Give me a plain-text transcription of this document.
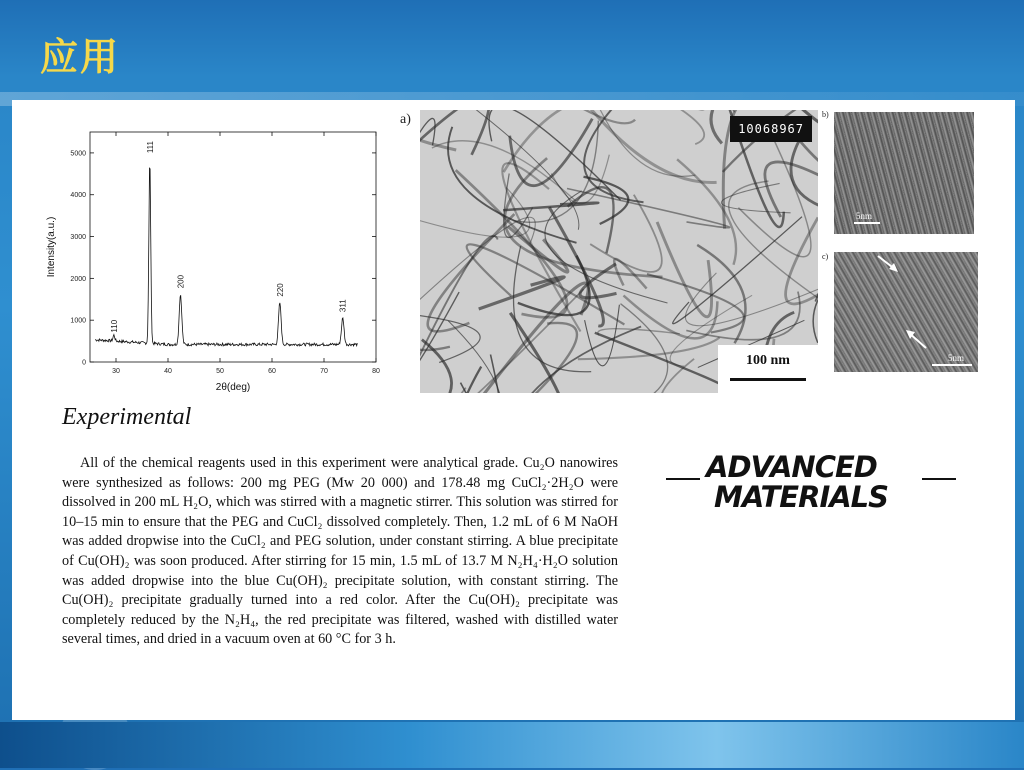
应用
30	40	50	60	70	80
0
1000
2000
3000
4000
5000
110
111
200
220
311
2θ(deg)
Intensity(a.u.)
a)
10068967
100 nm
b)
5nm
c)
5nm
Experimental

All of the chemical reagents used in this experiment were analytical grade. Cu₂O nanowires were synthesized as follows: 200 mg PEG (Mw 20 000) and 178.48 mg CuCl₂·2H₂O were dissolved in 200 mL H₂O, which was stirred with a magnetic stirrer. This solution was stirred for 10–15 min to ensure that the PEG and CuCl₂ dissolved completely. Then, 1.2 mL of 6 M NaOH was added dropwise into the CuCl₂ and PEG solution, under constant stirring. A blue precipitate of Cu(OH)₂ was soon produced. After stirring for 15 min, 1.5 mL of 13.7 M N₂H₄·H₂O solution was added dropwise into the blue Cu(OH)₂ precipitate solution, with constant stirring. The Cu(OH)₂ precipitate gradually turned into a red color. After the Cu(OH)₂ precipitate was completely reduced by the N₂H₄, the red precipitate was filtered, washed with distilled water several times, and dried in a vacuum oven at 60 °C for 3 h.

ADVANCED
MATERIALS
